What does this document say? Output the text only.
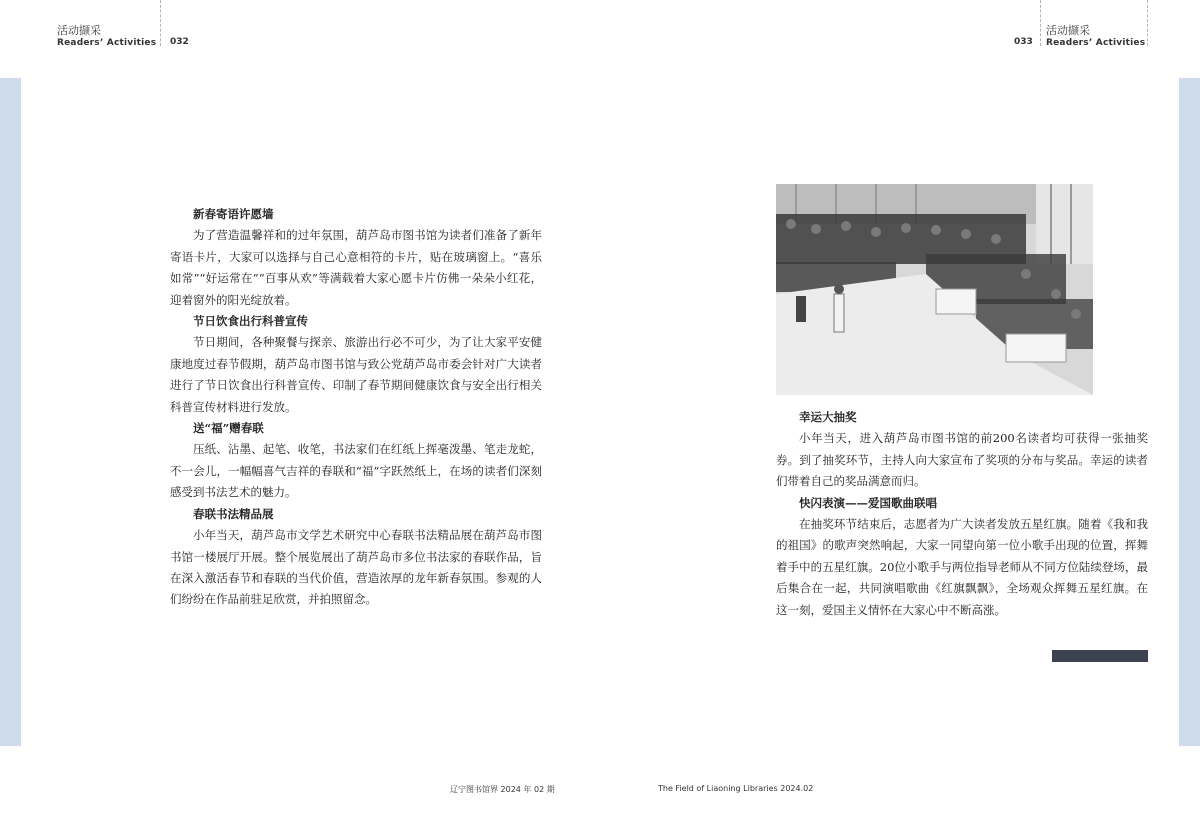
活动撷采
Readers’ Activities 032	033
活动撷采
Readers’ Activities
新春寄语许愿墙

为了营造温馨祥和的过年氛围，葫芦岛市图书馆为读者们准备了新年寄语卡片，大家可以选择与自己心意相符的卡片，贴在玻璃窗上。“喜乐如常”“好运常在”“百事从欢”等满载着大家心愿卡片仿佛一朵朵小红花，迎着窗外的阳光绽放着。

节日饮食出行科普宣传

节日期间，各种聚餐与探亲、旅游出行必不可少，为了让大家平安健康地度过春节假期，葫芦岛市图书馆与致公党葫芦岛市委会针对广大读者进行了节日饮食出行科普宣传、印制了春节期间健康饮食与安全出行相关科普宣传材料进行发放。

送“福”赠春联

压纸、沾墨、起笔、收笔，书法家们在红纸上挥毫泼墨、笔走龙蛇，不一会儿，一幅幅喜气吉祥的春联和“福”字跃然纸上，在场的读者们深刻感受到书法艺术的魅力。

春联书法精品展

小年当天，葫芦岛市文学艺术研究中心春联书法精品展在葫芦岛市图书馆一楼展厅开展。整个展览展出了葫芦岛市多位书法家的春联作品，旨在深入激活春节和春联的当代价值，营造浓厚的龙年新春氛围。参观的人们纷纷在作品前驻足欣赏，并拍照留念。

幸运大抽奖

小年当天，进入葫芦岛市图书馆的前200名读者均可获得一张抽奖券。到了抽奖环节，主持人向大家宣布了奖项的分布与奖品。幸运的读者们带着自己的奖品满意而归。

快闪表演——爱国歌曲联唱

在抽奖环节结束后，志愿者为广大读者发放五星红旗。随着《我和我的祖国》的歌声突然响起，大家一同望向第一位小歌手出现的位置，挥舞着手中的五星红旗。20位小歌手与两位指导老师从不同方位陆续登场，最后集合在一起，共同演唱歌曲《红旗飘飘》，全场观众挥舞五星红旗。在这一刻，爱国主义情怀在大家心中不断高涨。

辽宁图书馆界 2024 年 02 期	The Field of Liaoning Libraries 2024.02
